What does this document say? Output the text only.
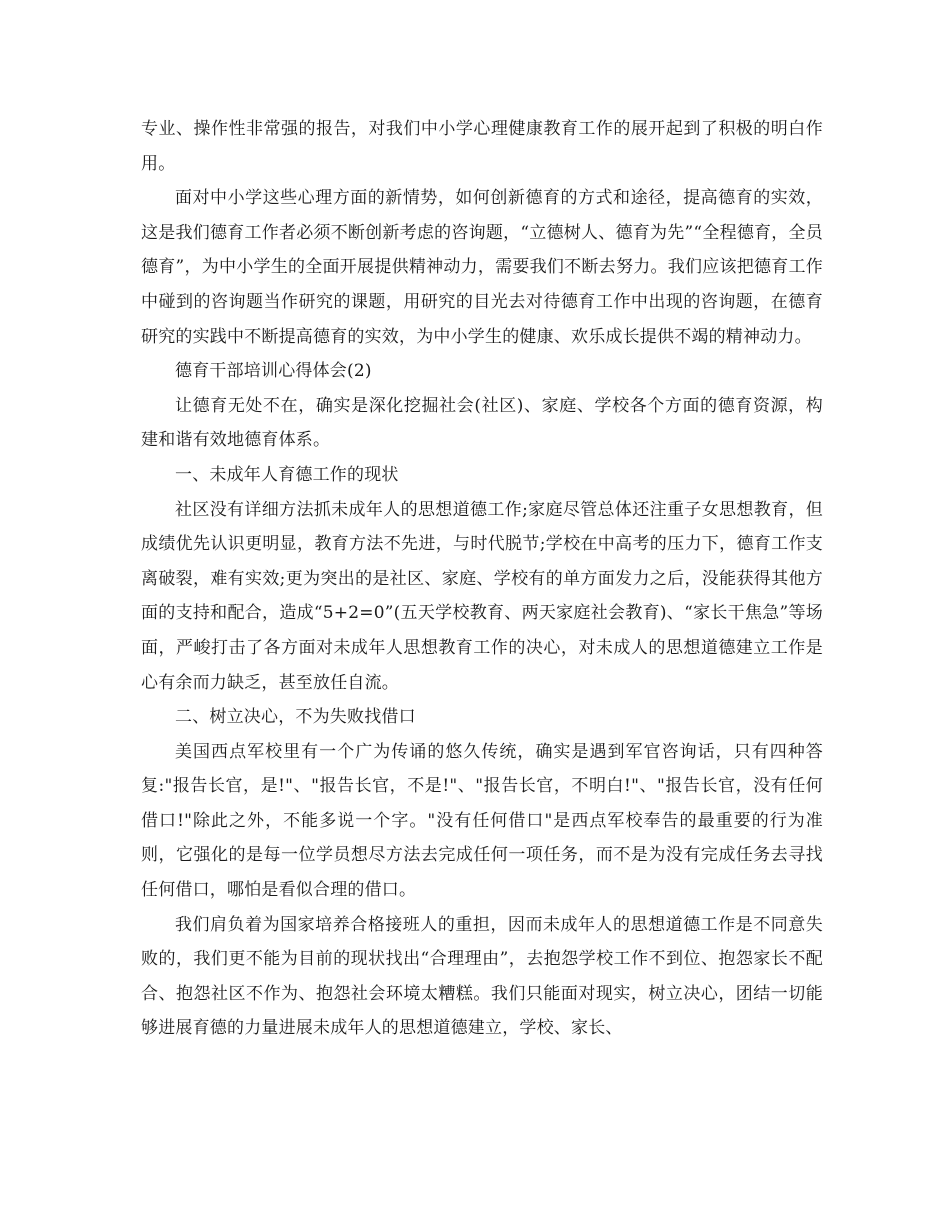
专业、操作性非常强的报告，对我们中小学心理健康教育工作的展开起到了积极的明白作用。

面对中小学这些心理方面的新情势，如何创新德育的方式和途径，提高德育的实效，这是我们德育工作者必须不断创新考虑的咨询题，“立德树人、德育为先”“全程德育，全员德育”，为中小学生的全面开展提供精神动力，需要我们不断去努力。我们应该把德育工作中碰到的咨询题当作研究的课题，用研究的目光去对待德育工作中出现的咨询题，在德育研究的实践中不断提高德育的实效，为中小学生的健康、欢乐成长提供不竭的精神动力。

德育干部培训心得体会(2)

让德育无处不在，确实是深化挖掘社会(社区)、家庭、学校各个方面的德育资源，构建和谐有效地德育体系。

一、未成年人育德工作的现状

社区没有详细方法抓未成年人的思想道德工作;家庭尽管总体还注重子女思想教育，但成绩优先认识更明显，教育方法不先进，与时代脱节;学校在中高考的压力下，德育工作支离破裂，难有实效;更为突出的是社区、家庭、学校有的单方面发力之后，没能获得其他方面的支持和配合，造成“5+2=0”(五天学校教育、两天家庭社会教育)、“家长干焦急”等场面，严峻打击了各方面对未成年人思想教育工作的决心，对未成人的思想道德建立工作是心有余而力缺乏，甚至放任自流。

二、树立决心，不为失败找借口

美国西点军校里有一个广为传诵的悠久传统，确实是遇到军官咨询话，只有四种答复:"报告长官，是!"、"报告长官，不是!"、"报告长官，不明白!"、"报告长官，没有任何借口!"除此之外，不能多说一个字。"没有任何借口"是西点军校奉告的最重要的行为准则，它强化的是每一位学员想尽方法去完成任何一项任务，而不是为没有完成任务去寻找任何借口，哪怕是看似合理的借口。

我们肩负着为国家培养合格接班人的重担，因而未成年人的思想道德工作是不同意失败的，我们更不能为目前的现状找出“合理理由”，去抱怨学校工作不到位、抱怨家长不配合、抱怨社区不作为、抱怨社会环境太糟糕。我们只能面对现实，树立决心，团结一切能够进展育德的力量进展未成年人的思想道德建立，学校、家长、
